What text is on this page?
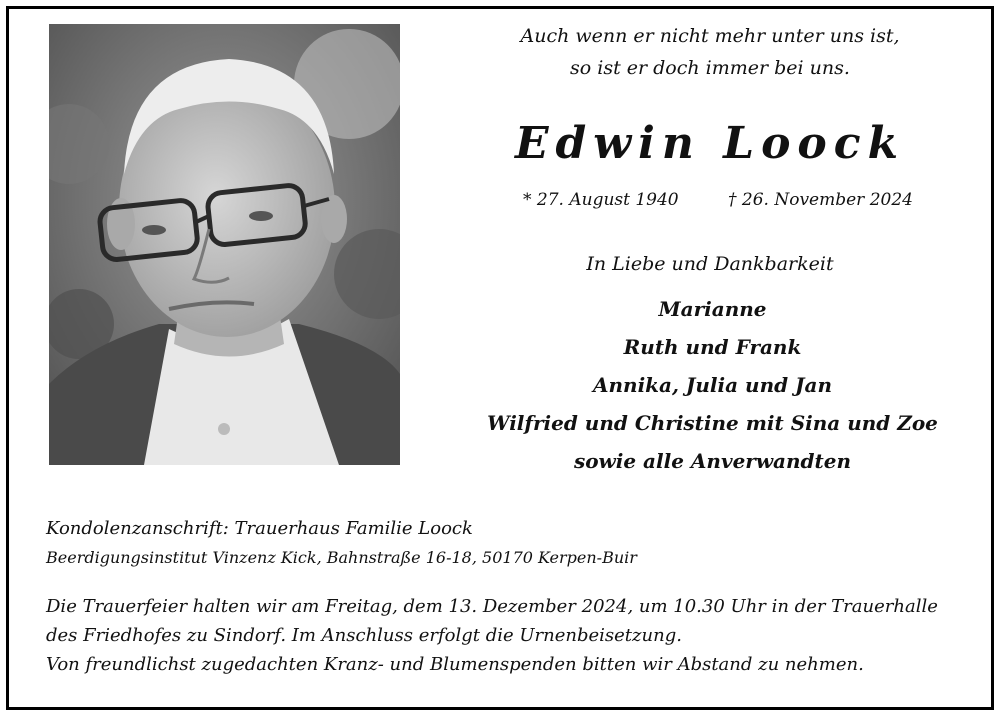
Auch wenn er nicht mehr unter uns ist,
so ist er doch immer bei uns.
Edwin Loock
* 27. August 1940	† 26. November 2024
In Liebe und Dankbarkeit
Marianne
Ruth und Frank
Annika, Julia und Jan
Wilfried und Christine mit Sina und Zoe
sowie alle Anverwandten
Kondolenzanschrift: Trauerhaus Familie Loock
Beerdigungsinstitut Vinzenz Kick, Bahnstraße 16-18, 50170 Kerpen-Buir
Die Trauerfeier halten wir am Freitag, dem 13. Dezember 2024, um 10.30 Uhr in der Trauerhalle
des Friedhofes zu Sindorf. Im Anschluss erfolgt die Urnenbeisetzung.
Von freundlichst zugedachten Kranz- und Blumenspenden bitten wir Abstand zu nehmen.
